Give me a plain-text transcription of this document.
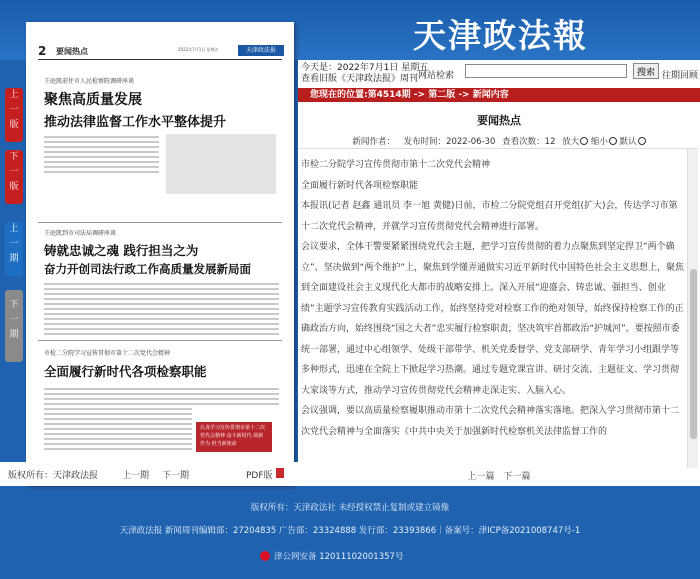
天津政法報
上
一
版
下
一
版
上
一
期
下
一
期
2 要闻热点	2022年7月1日 星期五	天津政法报
王庭凯前往市人民检察院调研座谈
聚焦高质量发展
推动法律监督工作水平整体提升
王庭凯到市司法局调研座谈
铸就忠诚之魂 践行担当之为
奋力开创司法行政工作高质量发展新局面
市检二分院学习宣传贯彻市第十二次党代会精神
全面履行新时代各项检察职能
认真学习宣传贯彻市第十二次党代会精神 奋斗新时代 展新作为 担当新使命
版权所有：天津政法报	上一期 下一期	PDF版
今天是：2022年7月1日 星期五
查看旧版《天津政法报》周刊 网站检索	搜索 往期回顾
您现在的位置:第4514期 -> 第二版 -> 新闻内容
要闻热点
新闻作者： 发布时间：2022-06-30 查看次数：12 放大 缩小 默认

市检二分院学习宣传贯彻市第十二次党代会精神

全面履行新时代各项检察职能

本报讯(记者 赵鑫 通讯员 李一旭 黄健)日前，市检二分院党组召开党组(扩大)会，传达学习市第十二次党代会精神，并就学习宣传贯彻党代会精神进行部署。

会议要求，全体干警要紧紧围绕党代会主题，把学习宣传贯彻的着力点聚焦到坚定捍卫“两个确立”、坚决做到“两个维护”上，聚焦到学懂弄通做实习近平新时代中国特色社会主义思想上，聚焦到全面建设社会主义现代化大都市的战略安排上。深入开展“迎盛会、铸忠诚、强担当、创业绩”主题学习宣传教育实践活动工作，始终坚持党对检察工作的绝对领导，始终保持检察工作的正确政治方向，始终围绕“国之大者”忠实履行检察职责，坚决筑牢首都政治“护城河”。要按照市委统一部署，通过中心组领学、处级干部带学、机关党委督学、党支部研学、青年学习小组跟学等多种形式，迅速在全院上下掀起学习热潮。通过专题党课宣讲、研讨交流、主题征文、学习贯彻大家谈等方式，推动学习宣传贯彻党代会精神走深走实、入脑入心。

会议强调，要以高质量检察履职推动市第十二次党代会精神落实落地。把深入学习贯彻市第十二次党代会精神与全面落实《中共中央关于加强新时代检察机关法律监督工作的

上一篇 下一篇
版权所有：天津政法社 未经授权禁止复制或建立镜像
天津政法报 新闻周刊编辑部：27204835 广告部：23324888 发行部：23393866｜备案号：津ICP备2021008747号-1
津公网安备 12011102001357号
